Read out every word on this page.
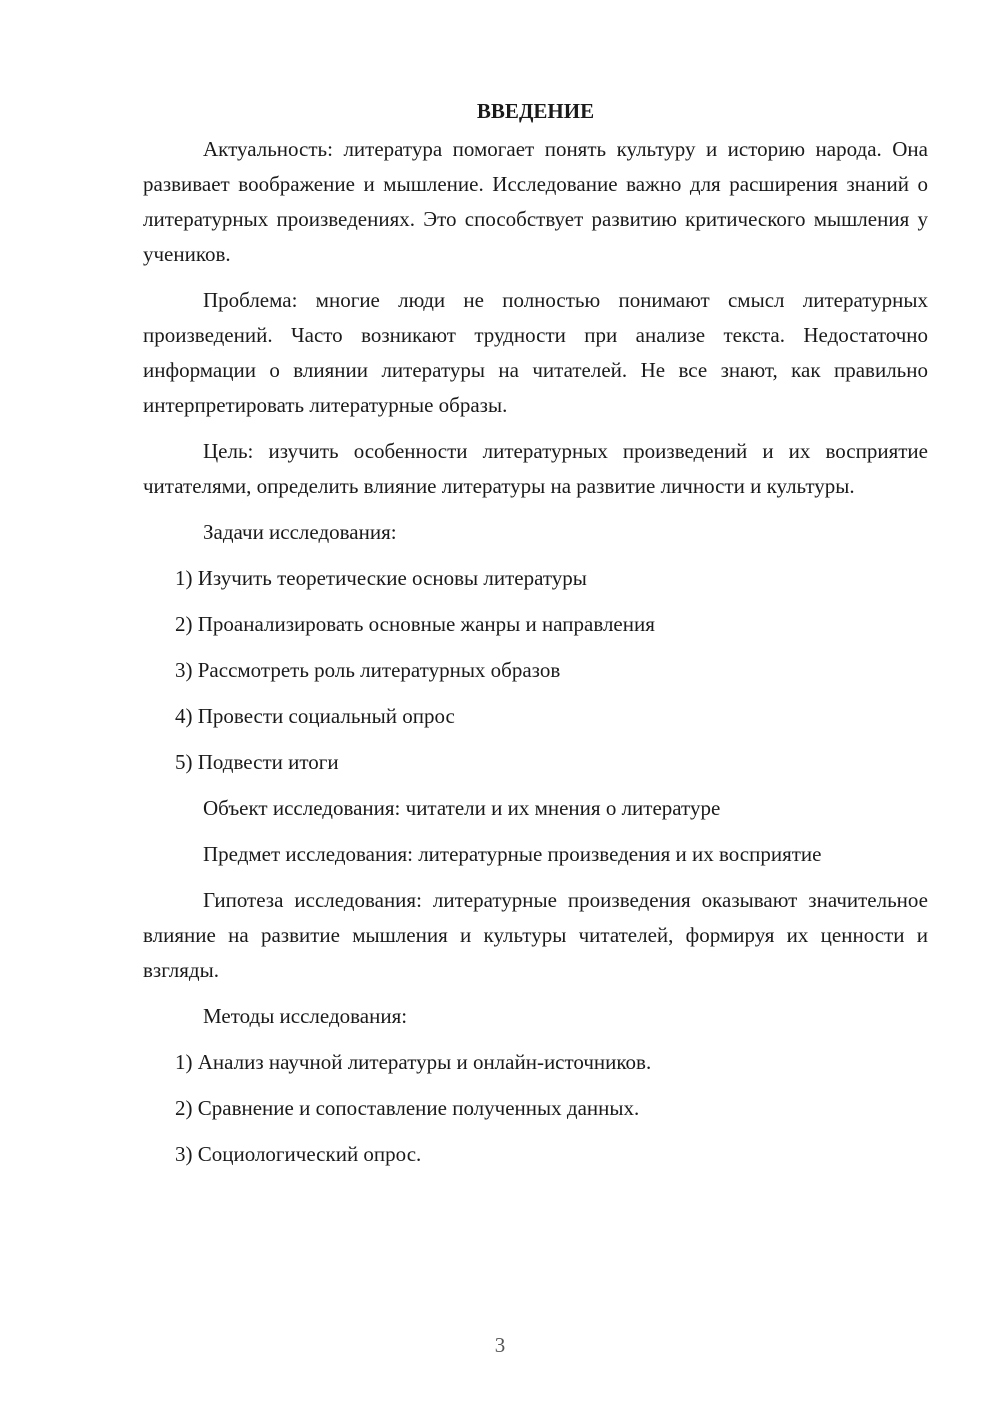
ВВЕДЕНИЕ

Актуальность: литература помогает понять культуру и историю народа. Она развивает воображение и мышление. Исследование важно для расширения знаний о литературных произведениях. Это способствует развитию критического мышления у учеников.

Проблема: многие люди не полностью понимают смысл литературных произведений. Часто возникают трудности при анализе текста. Недостаточно информации о влиянии литературы на читателей. Не все знают, как правильно интерпретировать литературные образы.

Цель: изучить особенности литературных произведений и их восприятие читателями, определить влияние литературы на развитие личности и культуры.

Задачи исследования:

1) Изучить теоретические основы литературы

2) Проанализировать основные жанры и направления

3) Рассмотреть роль литературных образов

4) Провести социальный опрос

5) Подвести итоги

Объект исследования: читатели и их мнения о литературе

Предмет исследования: литературные произведения и их восприятие

Гипотеза исследования: литературные произведения оказывают значительное влияние на развитие мышления и культуры читателей, формируя их ценности и взгляды.

Методы исследования:

1) Анализ научной литературы и онлайн-источников.

2) Сравнение и сопоставление полученных данных.

3) Социологический опрос.

3
